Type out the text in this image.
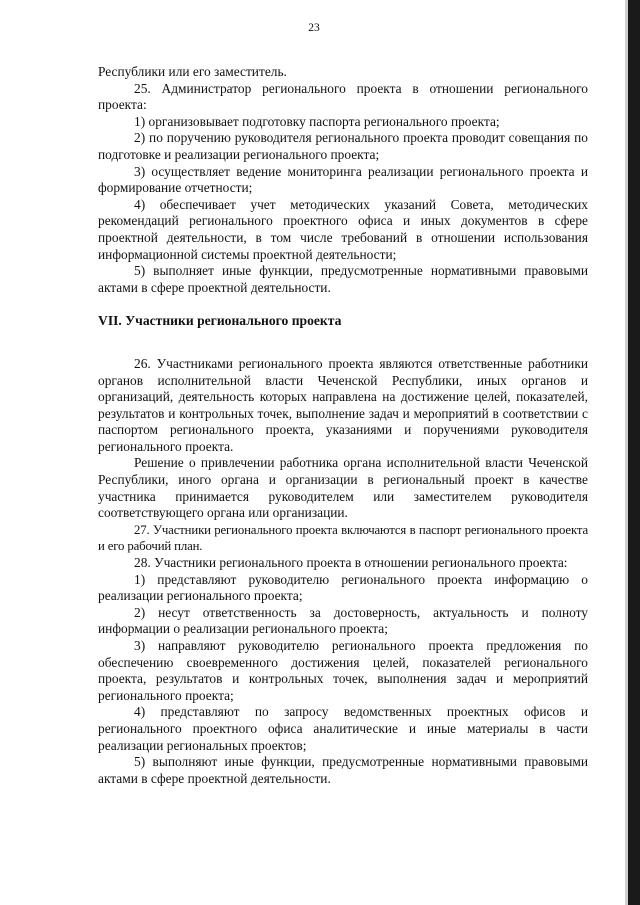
23

Республики или его заместитель.

25. Администратор регионального проекта в отношении регионального проекта:

1) организовывает подготовку паспорта регионального проекта;

2) по поручению руководителя регионального проекта проводит совещания по подготовке и реализации регионального проекта;

3) осуществляет ведение мониторинга реализации регионального проекта и формирование отчетности;

4) обеспечивает учет методических указаний Совета, методических рекомендаций регионального проектного офиса и иных документов в сфере проектной деятельности, в том числе требований в отношении использования информационной системы проектной деятельности;

5) выполняет иные функции, предусмотренные нормативными правовыми актами в сфере проектной деятельности.

VII. Участники регионального проекта

26. Участниками регионального проекта являются ответственные работники органов исполнительной власти Чеченской Республики, иных органов и организаций, деятельность которых направлена на достижение целей, показателей, результатов и контрольных точек, выполнение задач и мероприятий в соответствии с паспортом регионального проекта, указаниями и поручениями руководителя регионального проекта.

Решение о привлечении работника органа исполнительной власти Чеченской Республики, иного органа и организации в региональный проект в качестве участника принимается руководителем или заместителем руководителя соответствующего органа или организации.

27. Участники регионального проекта включаются в паспорт регионального проекта и его рабочий план.

28. Участники регионального проекта в отношении регионального проекта:

1) представляют руководителю регионального проекта информацию о реализации регионального проекта;

2) несут ответственность за достоверность, актуальность и полноту информации о реализации регионального проекта;

3) направляют руководителю регионального проекта предложения по обеспечению своевременного достижения целей, показателей регионального проекта, результатов и контрольных точек, выполнения задач и мероприятий регионального проекта;

4) представляют по запросу ведомственных проектных офисов и регионального проектного офиса аналитические и иные материалы в части реализации региональных проектов;

5) выполняют иные функции, предусмотренные нормативными правовыми актами в сфере проектной деятельности.
